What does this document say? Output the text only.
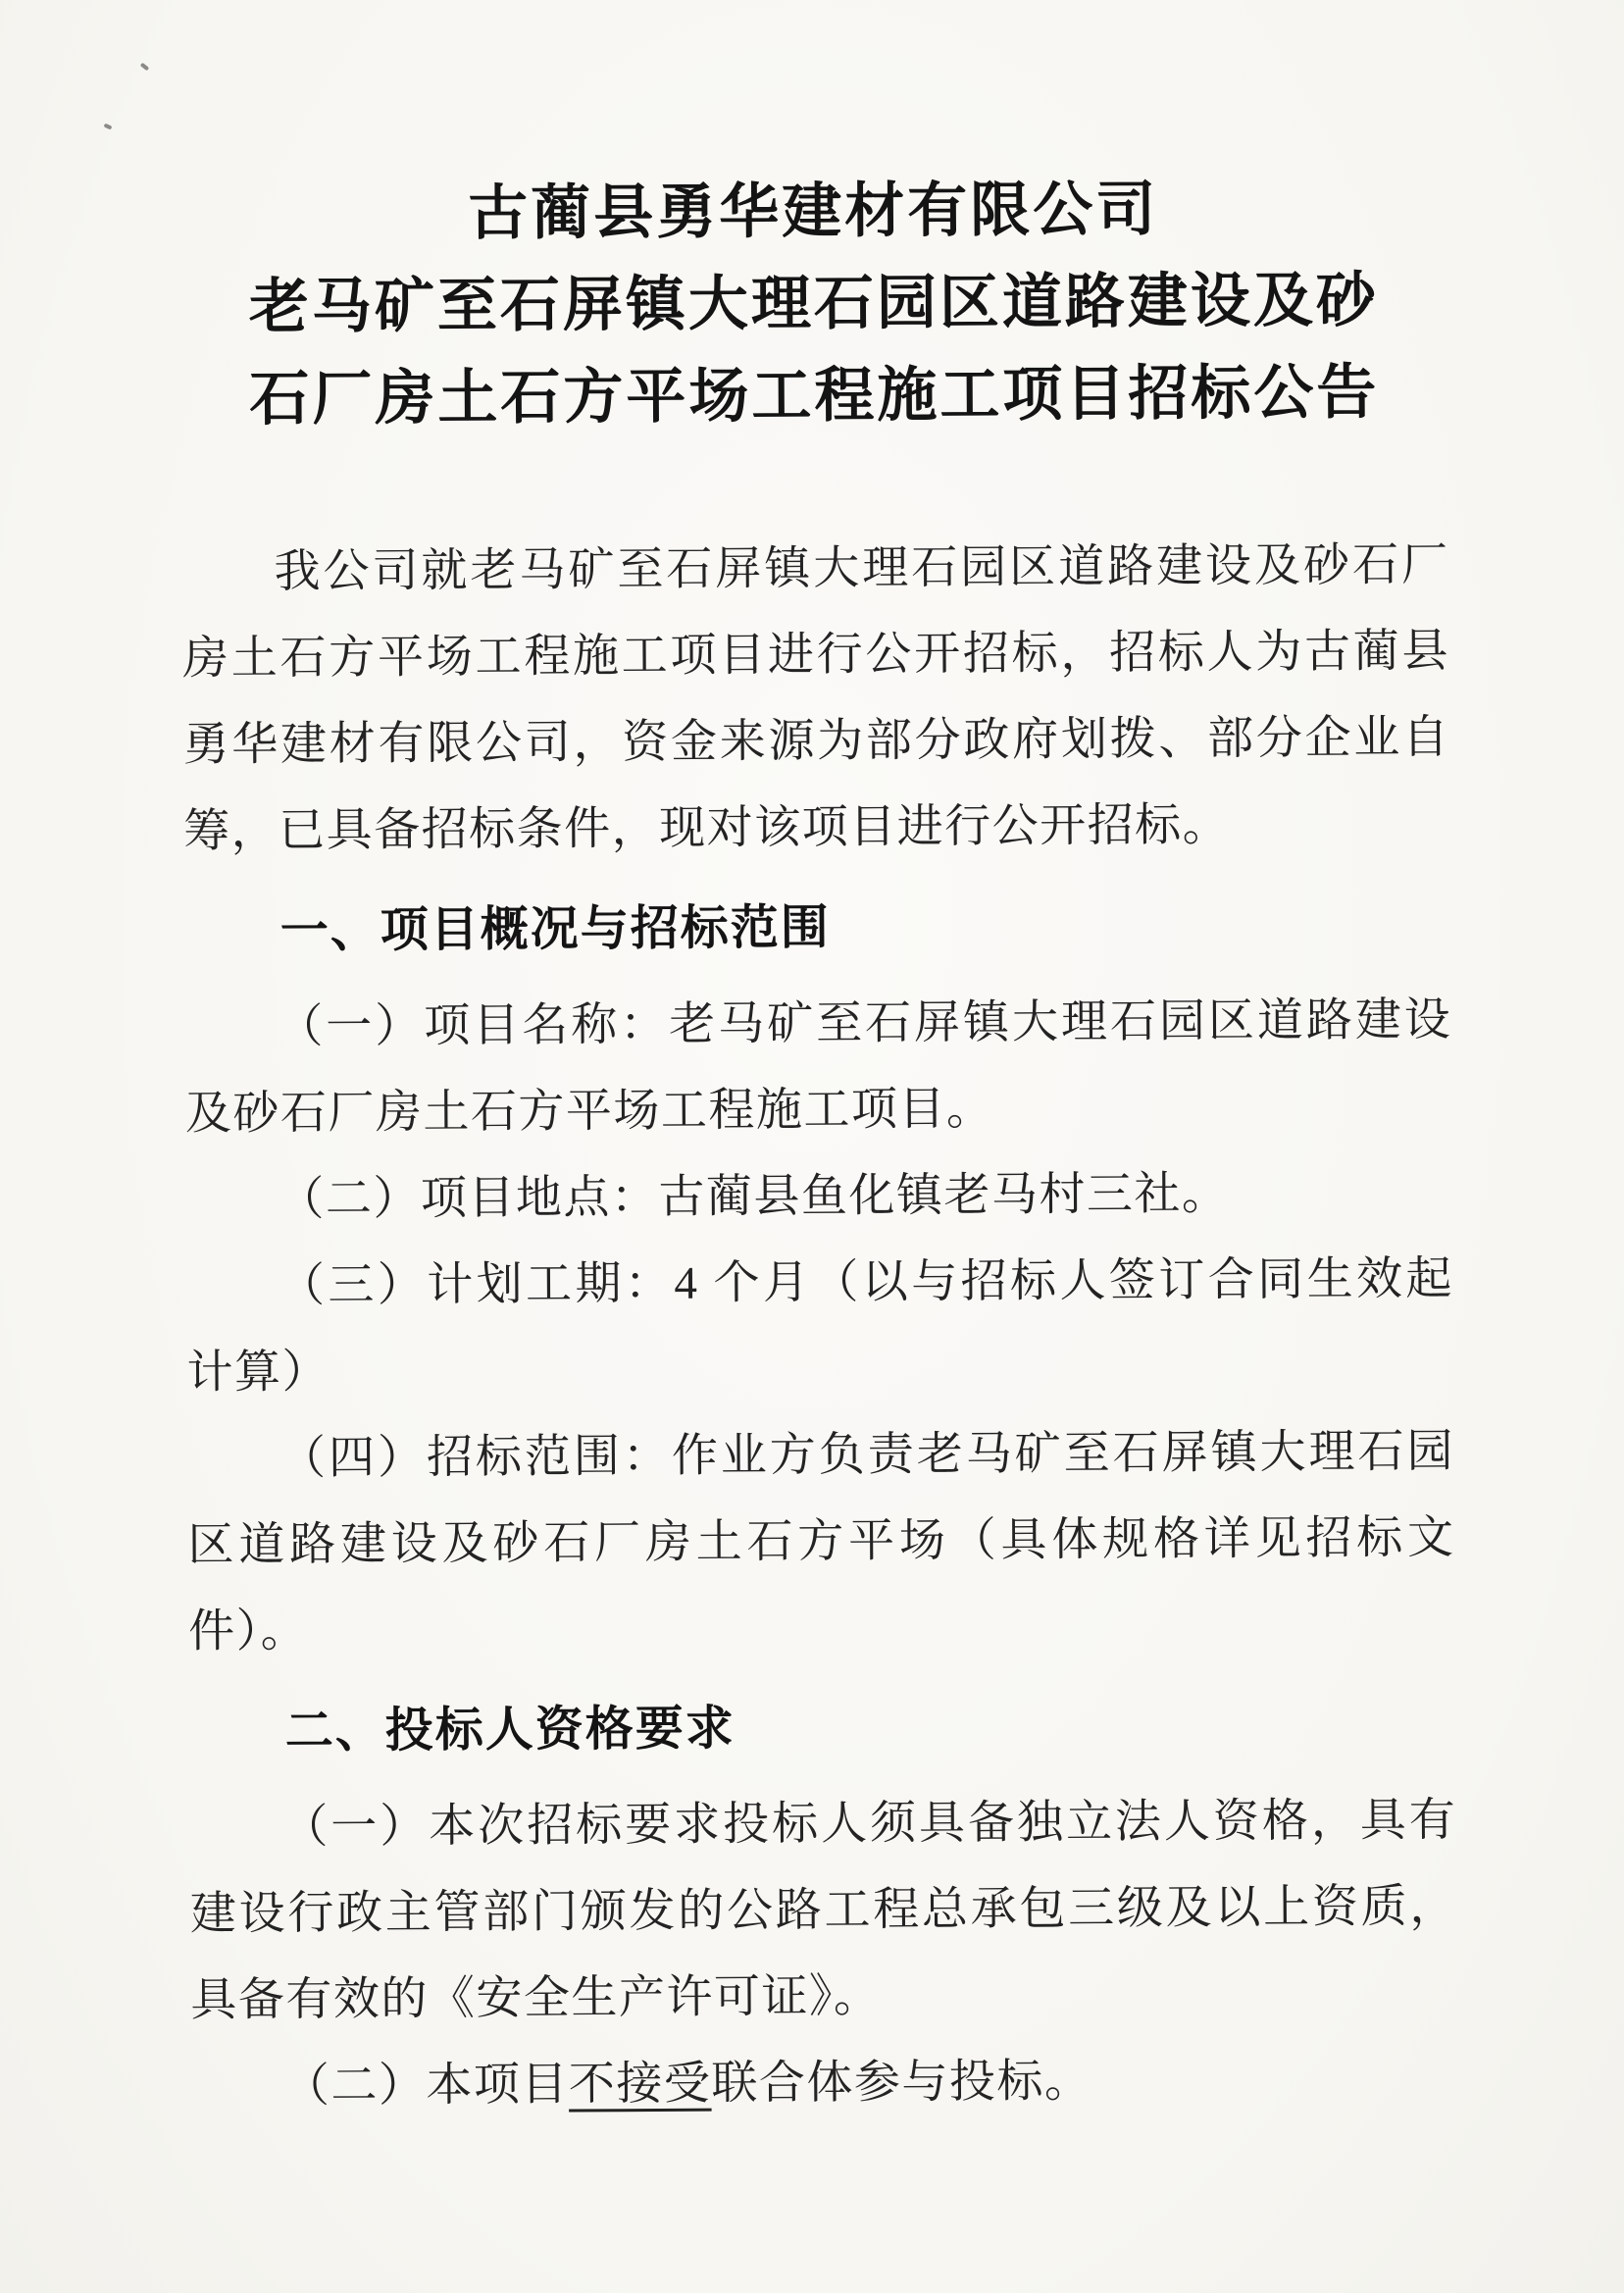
古蔺县勇华建材有限公司
老马矿至石屏镇大理石园区道路建设及砂
石厂房土石方平场工程施工项目招标公告

我公司就老马矿至石屏镇大理石园区道路建设及砂石厂房土石方平场工程施工项目进行公开招标，招标人为古蔺县勇华建材有限公司，资金来源为部分政府划拨、部分企业自筹，已具备招标条件，现对该项目进行公开招标。

一、项目概况与招标范围

（一）项目名称：老马矿至石屏镇大理石园区道路建设及砂石厂房土石方平场工程施工项目。

（二）项目地点：古蔺县鱼化镇老马村三社。

（三）计划工期：4 个月（以与招标人签订合同生效起计算）

（四）招标范围：作业方负责老马矿至石屏镇大理石园区道路建设及砂石厂房土石方平场（具体规格详见招标文件）。

二、投标人资格要求

（一）本次招标要求投标人须具备独立法人资格，具有建设行政主管部门颁发的公路工程总承包三级及以上资质，具备有效的《安全生产许可证》。

（二）本项目不接受联合体参与投标。
